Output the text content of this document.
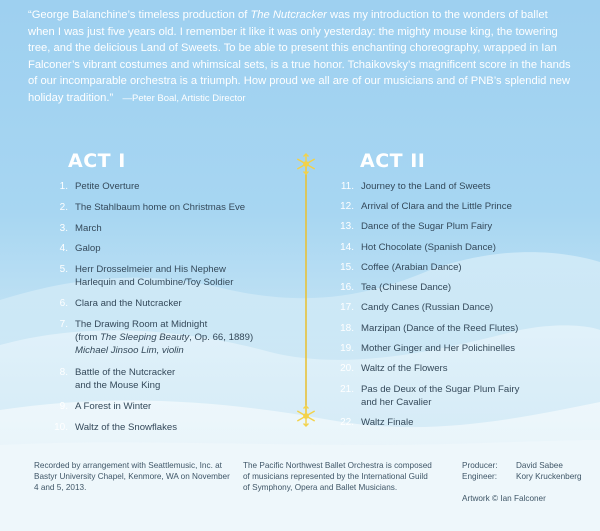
“George Balanchine’s timeless production of The Nutcracker was my introduction to the wonders of ballet when I was just five years old. I remember it like it was only yesterday: the mighty mouse king, the towering tree, and the delicious Land of Sweets. To be able to present this enchanting choreography, wrapped in Ian Falconer’s vibrant costumes and whimsical sets, is a true honor. Tchaikovsky’s magnificent score in the hands of our incomparable orchestra is a triumph. How proud we all are of our musicians and of PNB’s splendid new holiday tradition.” —Peter Boal, Artistic Director
ACT I	ACT II
1. Petite Overture
2. The Stahlbaum home on Christmas Eve
3. March
4. Galop
5. Herr Drosselmeier and His Nephew
Harlequin and Columbine/Toy Soldier
6. Clara and the Nutcracker
7. The Drawing Room at Midnight
(from The Sleeping Beauty, Op. 66, 1889)
Michael Jinsoo Lim, violin
8. Battle of the Nutcracker
and the Mouse King
9. A Forest in Winter
10. Waltz of the Snowflakes
11. Journey to the Land of Sweets
12. Arrival of Clara and the Little Prince
13. Dance of the Sugar Plum Fairy
14. Hot Chocolate (Spanish Dance)
15. Coffee (Arabian Dance)
16. Tea (Chinese Dance)
17. Candy Canes (Russian Dance)
18. Marzipan (Dance of the Reed Flutes)
19. Mother Ginger and Her Polichinelles
20. Waltz of the Flowers
21. Pas de Deux of the Sugar Plum Fairy
and her Cavalier
22. Waltz Finale
Recorded by arrangement with Seattlemusic, Inc. at
Bastyr University Chapel, Kenmore, WA on November
4 and 5, 2013.
The Pacific Northwest Ballet Orchestra is composed
of musicians represented by the International Guild
of Symphony, Opera and Ballet Musicians.
Producer: David Sabee
Engineer: Kory Kruckenberg
Artwork © Ian Falconer
